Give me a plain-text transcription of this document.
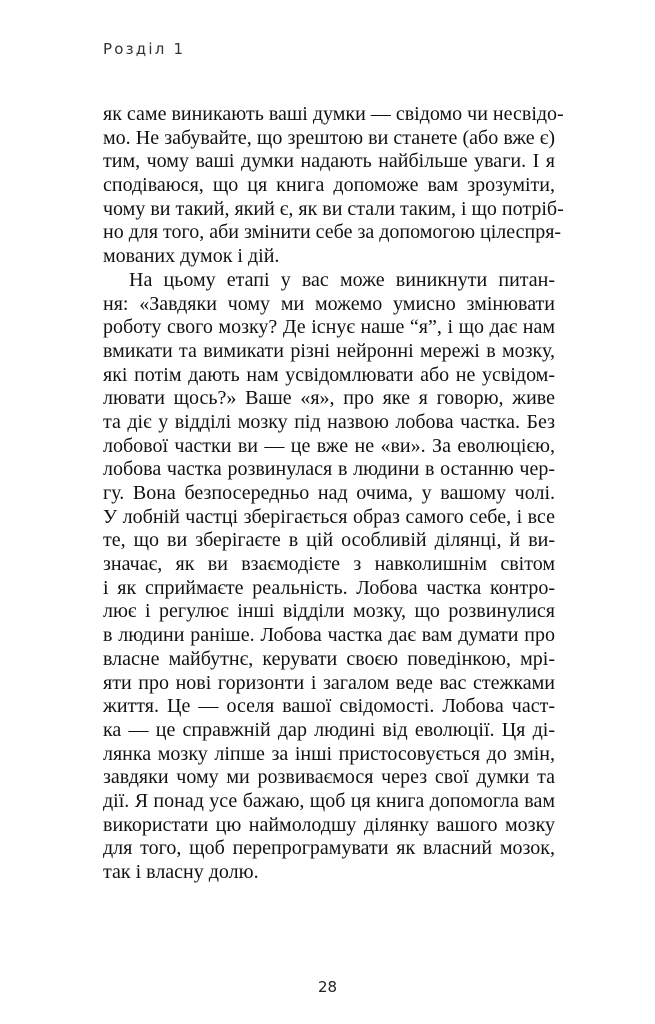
Розділ 1
як саме виникають ваші думки — свідомо чи несвідо-
мо. Не забувайте, що зрештою ви станете (або вже є)
тим, чому ваші думки надають найбільше уваги. І я
сподіваюся, що ця книга допоможе вам зрозуміти,
чому ви такий, який є, як ви стали таким, і що потріб-
но для того, аби змінити себе за допомогою цілеспря-
мованих думок і дій.
На цьому етапі у вас може виникнути питан-
ня: «Завдяки чому ми можемо умисно змінювати
роботу свого мозку? Де існує наше “я”, і що дає нам
вмикати та вимикати різні нейронні мережі в мозку,
які потім дають нам усвідомлювати або не усвідом-
лювати щось?» Ваше «я», про яке я говорю, живе
та діє у відділі мозку під назвою лобова частка. Без
лобової частки ви — це вже не «ви». За еволюцією,
лобова частка розвинулася в людини в останню чер-
гу. Вона безпосередньо над очима, у вашому чолі.
У лобній частці зберігається образ самого себе, і все
те, що ви зберігаєте в цій особливій ділянці, й ви-
значає, як ви взаємодієте з навколишнім світом
і як сприймаєте реальність. Лобова частка контро-
лює і регулює інші відділи мозку, що розвинулися
в людини раніше. Лобова частка дає вам думати про
власне майбутнє, керувати своєю поведінкою, мрі-
яти про нові горизонти і загалом веде вас стежками
життя. Це — оселя вашої свідомості. Лобова част-
ка — це справжній дар людині від еволюції. Ця ді-
лянка мозку ліпше за інші пристосовується до змін,
завдяки чому ми розвиваємося через свої думки та
дії. Я понад усе бажаю, щоб ця книга допомогла вам
використати цю наймолодшу ділянку вашого мозку
для того, щоб перепрограмувати як власний мозок,
так і власну долю.
28
